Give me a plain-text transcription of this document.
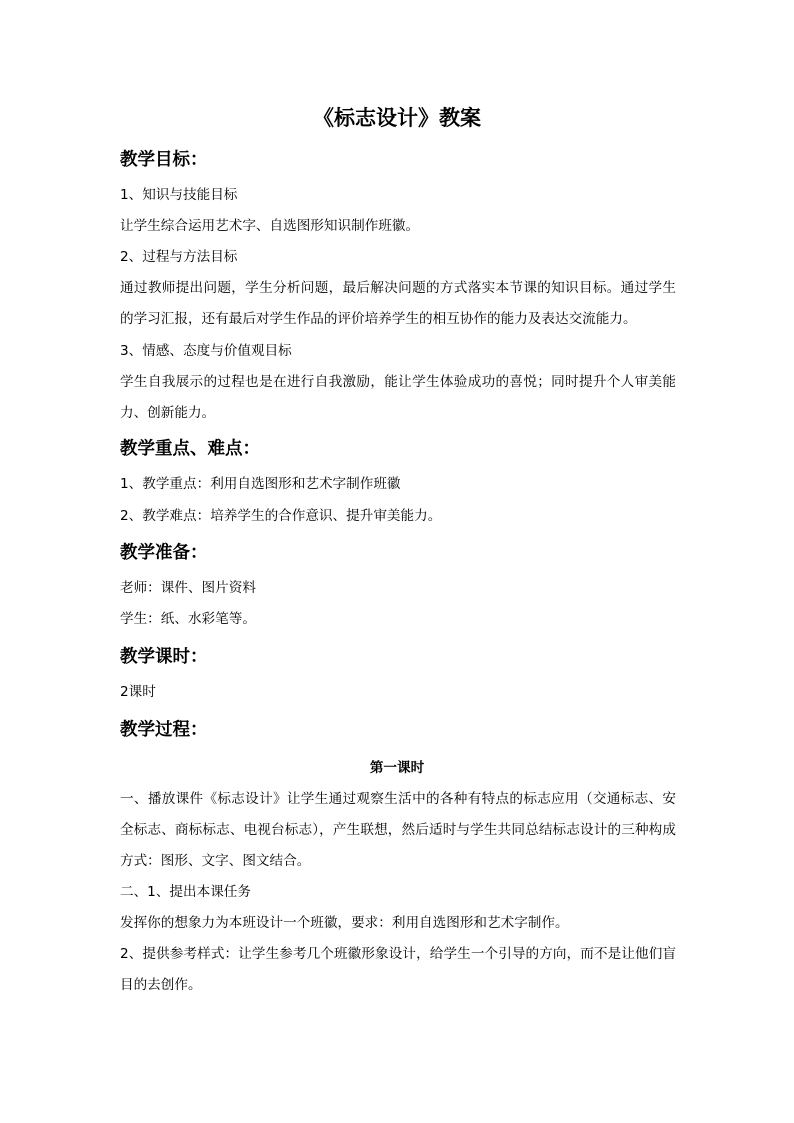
《标志设计》教案
教学目标：
1、知识与技能目标
让学生综合运用艺术字、自选图形知识制作班徽。
2、过程与方法目标
通过教师提出问题，学生分析问题，最后解决问题的方式落实本节课的知识目标。通过学生的学习汇报，还有最后对学生作品的评价培养学生的相互协作的能力及表达交流能力。
3、情感、态度与价值观目标
学生自我展示的过程也是在进行自我激励，能让学生体验成功的喜悦；同时提升个人审美能力、创新能力。
教学重点、难点：
1、教学重点：利用自选图形和艺术字制作班徽
2、教学难点：培养学生的合作意识、提升审美能力。
教学准备：
老师：课件、图片资料
学生：纸、水彩笔等。
教学课时：
2课时
教学过程：
第一课时
一、播放课件《标志设计》让学生通过观察生活中的各种有特点的标志应用（交通标志、安全标志、商标标志、电视台标志），产生联想，然后适时与学生共同总结标志设计的三种构成方式：图形、文字、图文结合。
二、1、提出本课任务
发挥你的想象力为本班设计一个班徽，要求：利用自选图形和艺术字制作。
2、提供参考样式：让学生参考几个班徽形象设计，给学生一个引导的方向，而不是让他们盲目的去创作。
